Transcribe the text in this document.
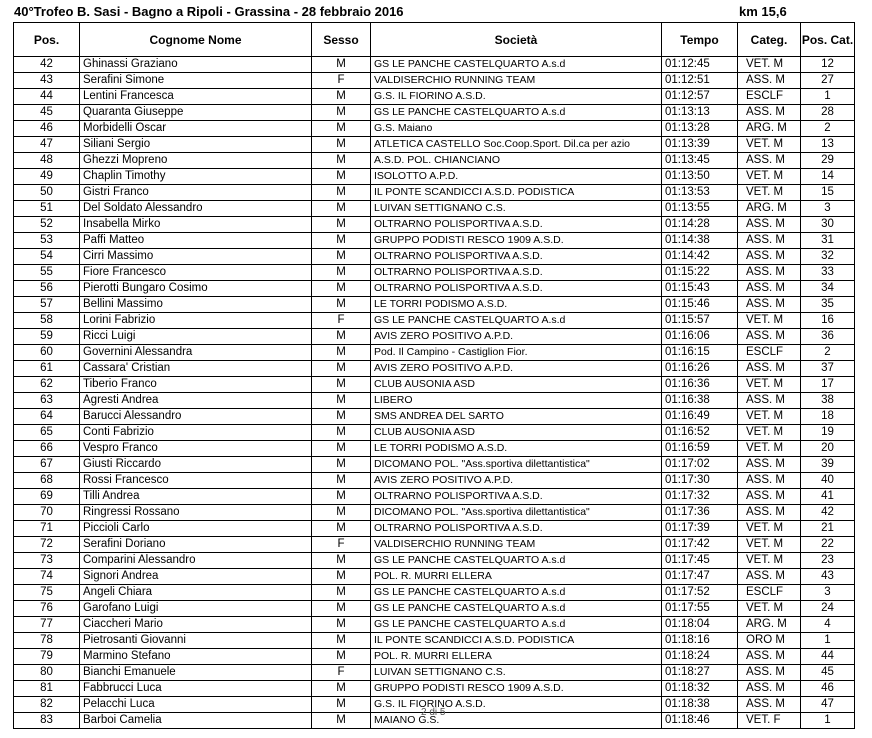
40°Trofeo B. Sasi - Bagno a Ripoli - Grassina - 28 febbraio 2016	km 15,6
Pos.	Cognome Nome	Sesso	Società	Tempo	Categ.	Pos. Cat.
42	Ghinassi Graziano	M	GS LE PANCHE CASTELQUARTO A.s.d	01:12:45	VET. M	12
43	Serafini Simone	F	VALDISERCHIO RUNNING TEAM	01:12:51	ASS. M	27
44	Lentini Francesca	M	G.S. IL FIORINO A.S.D.	01:12:57	ESCLF	1
45	Quaranta Giuseppe	M	GS LE PANCHE CASTELQUARTO A.s.d	01:13:13	ASS. M	28
46	Morbidelli Oscar	M	G.S. Maiano	01:13:28	ARG. M	2
47	Siliani Sergio	M	ATLETICA CASTELLO Soc.Coop.Sport. Dil.ca per azio	01:13:39	VET. M	13
48	Ghezzi Mopreno	M	A.S.D. POL. CHIANCIANO	01:13:45	ASS. M	29
49	Chaplin Timothy	M	ISOLOTTO A.P.D.	01:13:50	VET. M	14
50	Gistri Franco	M	IL PONTE SCANDICCI A.S.D. PODISTICA	01:13:53	VET. M	15
51	Del Soldato Alessandro	M	LUIVAN SETTIGNANO C.S.	01:13:55	ARG. M	3
52	Insabella Mirko	M	OLTRARNO POLISPORTIVA A.S.D.	01:14:28	ASS. M	30
53	Paffi Matteo	M	GRUPPO PODISTI RESCO 1909 A.S.D.	01:14:38	ASS. M	31
54	Cirri Massimo	M	OLTRARNO POLISPORTIVA A.S.D.	01:14:42	ASS. M	32
55	Fiore Francesco	M	OLTRARNO POLISPORTIVA A.S.D.	01:15:22	ASS. M	33
56	Pierotti Bungaro Cosimo	M	OLTRARNO POLISPORTIVA A.S.D.	01:15:43	ASS. M	34
57	Bellini Massimo	M	LE TORRI PODISMO A.S.D.	01:15:46	ASS. M	35
58	Lorini Fabrizio	F	GS LE PANCHE CASTELQUARTO A.s.d	01:15:57	VET. M	16
59	Ricci Luigi	M	AVIS ZERO POSITIVO A.P.D.	01:16:06	ASS. M	36
60	Governini Alessandra	M	Pod. Il Campino - Castiglion Fior.	01:16:15	ESCLF	2
61	Cassara' Cristian	M	AVIS ZERO POSITIVO A.P.D.	01:16:26	ASS. M	37
62	Tiberio Franco	M	CLUB AUSONIA ASD	01:16:36	VET. M	17
63	Agresti Andrea	M	LIBERO	01:16:38	ASS. M	38
64	Barucci Alessandro	M	SMS ANDREA DEL SARTO	01:16:49	VET. M	18
65	Conti Fabrizio	M	CLUB AUSONIA ASD	01:16:52	VET. M	19
66	Vespro Franco	M	LE TORRI PODISMO A.S.D.	01:16:59	VET. M	20
67	Giusti Riccardo	M	DICOMANO POL. "Ass.sportiva dilettantistica"	01:17:02	ASS. M	39
68	Rossi Francesco	M	AVIS ZERO POSITIVO A.P.D.	01:17:30	ASS. M	40
69	Tilli Andrea	M	OLTRARNO POLISPORTIVA A.S.D.	01:17:32	ASS. M	41
70	Ringressi Rossano	M	DICOMANO POL. "Ass.sportiva dilettantistica"	01:17:36	ASS. M	42
71	Piccioli Carlo	M	OLTRARNO POLISPORTIVA A.S.D.	01:17:39	VET. M	21
72	Serafini Doriano	F	VALDISERCHIO RUNNING TEAM	01:17:42	VET. M	22
73	Comparini Alessandro	M	GS LE PANCHE CASTELQUARTO A.s.d	01:17:45	VET. M	23
74	Signori Andrea	M	POL. R. MURRI ELLERA	01:17:47	ASS. M	43
75	Angeli Chiara	M	GS LE PANCHE CASTELQUARTO A.s.d	01:17:52	ESCLF	3
76	Garofano Luigi	M	GS LE PANCHE CASTELQUARTO A.s.d	01:17:55	VET. M	24
77	Ciaccheri Mario	M	GS LE PANCHE CASTELQUARTO A.s.d	01:18:04	ARG. M	4
78	Pietrosanti Giovanni	M	IL PONTE SCANDICCI A.S.D. PODISTICA	01:18:16	ORO M	1
79	Marmino Stefano	M	POL. R. MURRI ELLERA	01:18:24	ASS. M	44
80	Bianchi Emanuele	F	LUIVAN SETTIGNANO C.S.	01:18:27	ASS. M	45
81	Fabbrucci Luca	M	GRUPPO PODISTI RESCO 1909 A.S.D.	01:18:32	ASS. M	46
82	Pelacchi Luca	M	G.S. IL FIORINO A.S.D.	01:18:38	ASS. M	47
83	Barboi Camelia	M	MAIANO G.S.	01:18:46	VET. F	1
2 di 5
